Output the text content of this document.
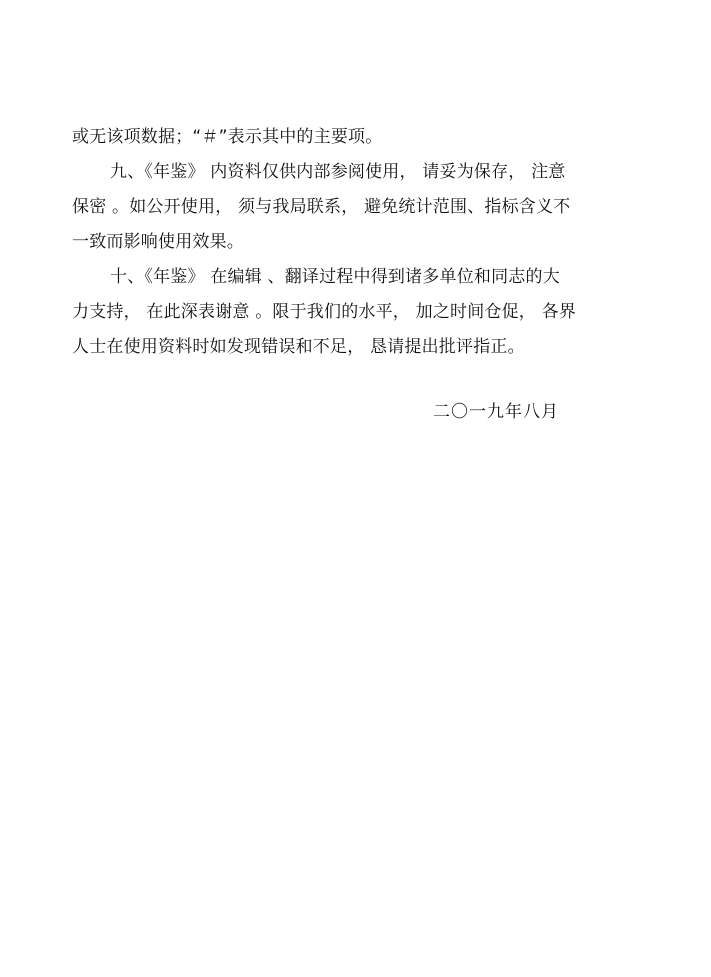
或无该项数据；“＃”表示其中的主要项。
九、《年鉴》 内资料仅供内部参阅使用， 请妥为保存， 注意
保密 。如公开使用， 须与我局联系， 避免统计范围、指标含义不
一致而影响使用效果。
十、《年鉴》 在编辑 、翻译过程中得到诸多单位和同志的大
力支持， 在此深表谢意 。限于我们的水平， 加之时间仓促， 各界
人士在使用资料时如发现错误和不足， 恳请提出批评指正。
二〇一九年八月
